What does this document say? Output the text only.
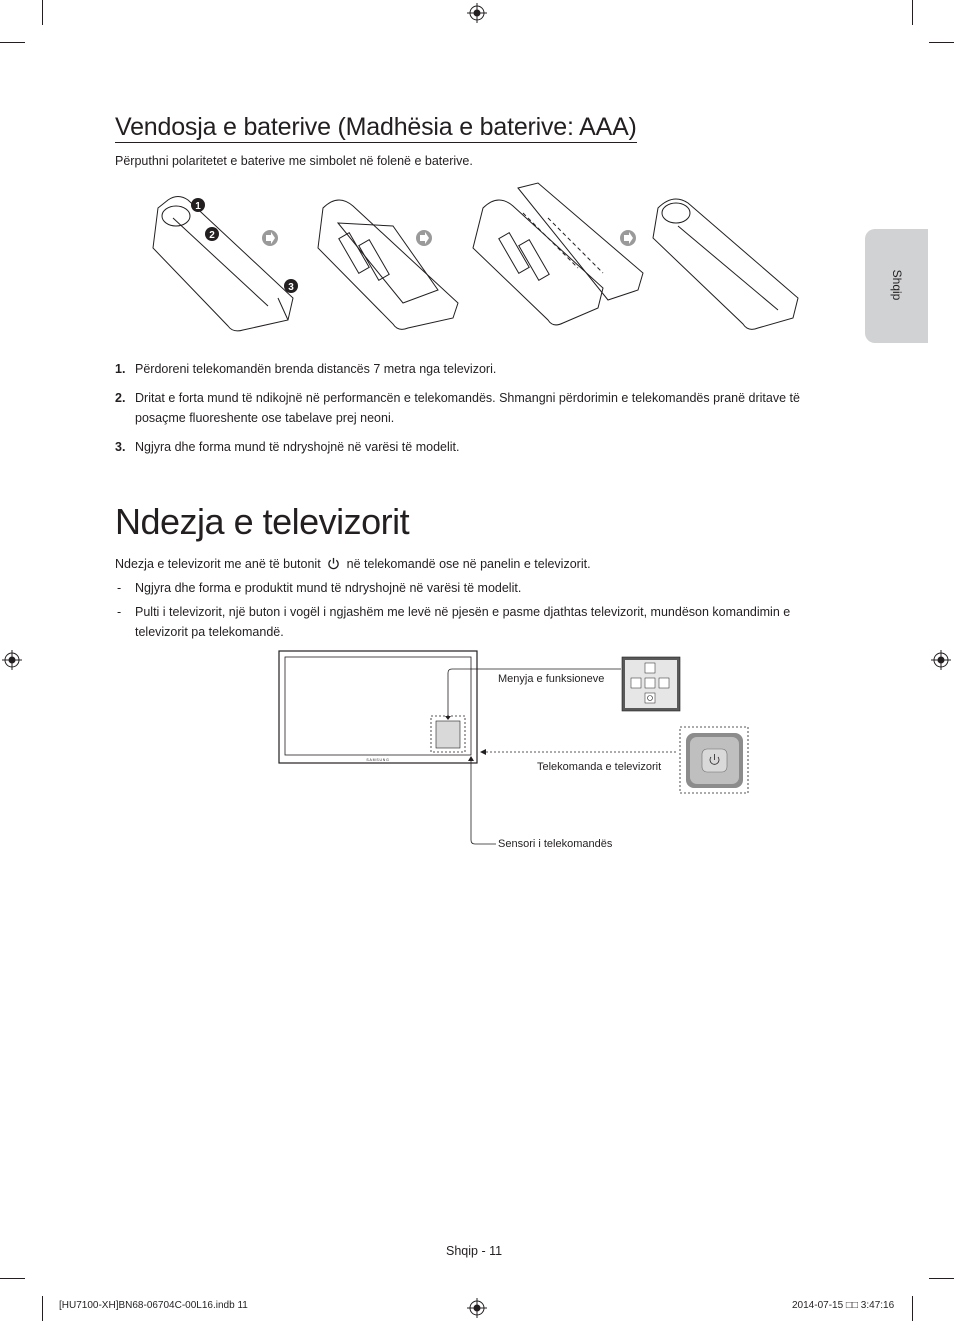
Shqip
Vendosja e baterive (Madhësia e baterive: AAA)
Përputhni polaritetet e baterive me simbolet në folenë e baterive.
1
2
3
1. Përdoreni telekomandën brenda distancës 7 metra nga televizori.
2. Dritat e forta mund të ndikojnë në performancën e telekomandës. Shmangni përdorimin e telekomandës pranë dritave të posaçme fluoreshente ose tabelave prej neoni.
3. Ngjyra dhe forma mund të ndryshojnë në varësi të modelit.
Ndezja e televizorit
Ndezja e televizorit me anë të butonit në telekomandë ose në panelin e televizorit.
- Ngjyra dhe forma e produktit mund të ndryshojnë në varësi të modelit.
- Pulti i televizorit, një buton i vogël i ngjashëm me levë në pjesën e pasme djathtas televizorit, mundëson komandimin e televizorit pa telekomandë.
SAMSUNG
Menyja e funksioneve
Telekomanda e televizorit
Sensori i telekomandës
Shqip - 11
[HU7100-XH]BN68-06704C-00L16.indb 11	2014-07-15 □□ 3:47:16
